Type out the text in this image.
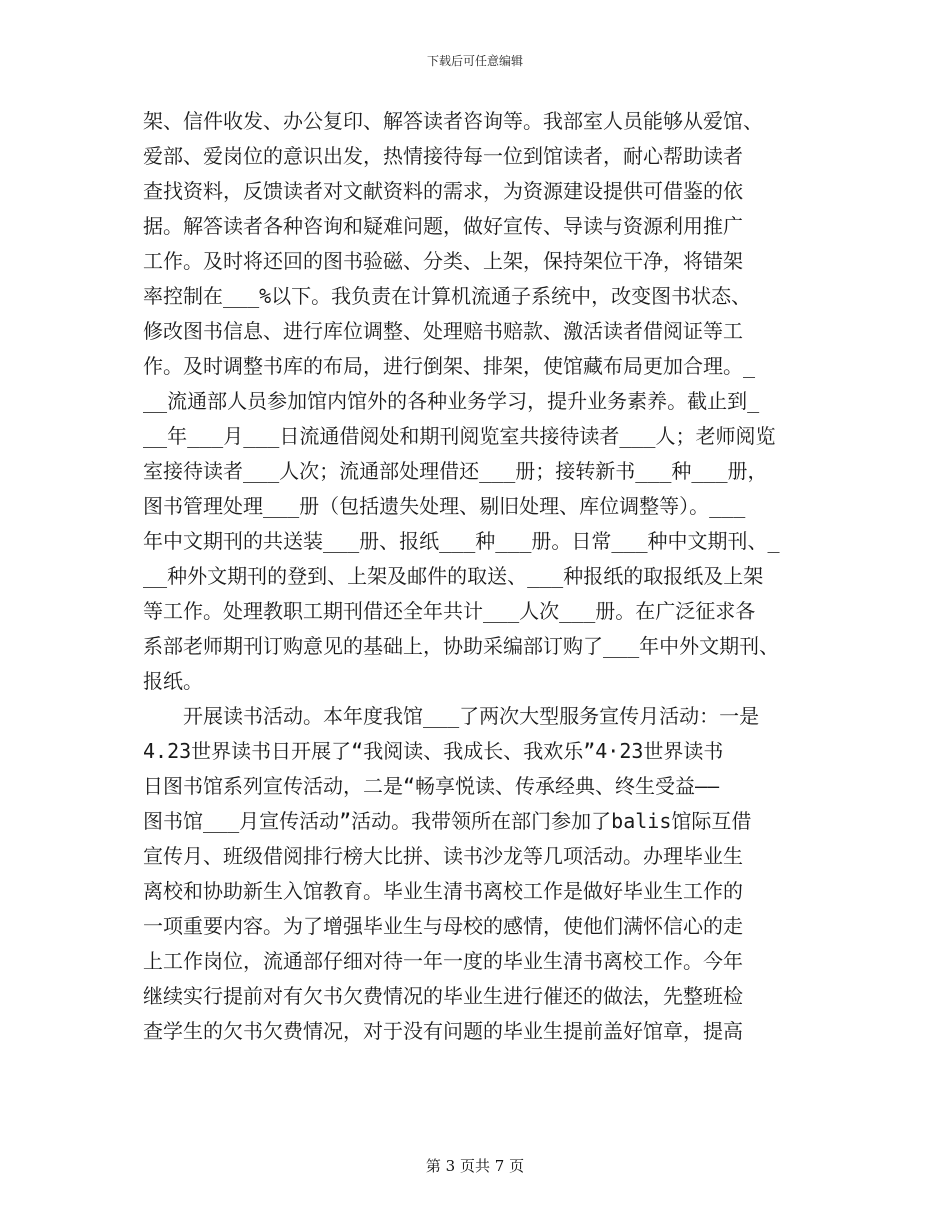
下载后可任意编辑
架、信件收发、办公复印、解答读者咨询等。我部室人员能够从爱馆、
爱部、爱岗位的意识出发，热情接待每一位到馆读者，耐心帮助读者
查找资料，反馈读者对文献资料的需求，为资源建设提供可借鉴的依
据。解答读者各种咨询和疑难问题，做好宣传、导读与资源利用推广
工作。及时将还回的图书验磁、分类、上架，保持架位干净，将错架
率控制在___%以下。我负责在计算机流通子系统中，改变图书状态、
修改图书信息、进行库位调整、处理赔书赔款、激活读者借阅证等工
作。及时调整书库的布局，进行倒架、排架，使馆藏布局更加合理。_
__流通部人员参加馆内馆外的各种业务学习，提升业务素养。截止到_
__年___月___日流通借阅处和期刊阅览室共接待读者___人；老师阅览
室接待读者___人次；流通部处理借还___册；接转新书___种___册，
图书管理处理___册（包括遗失处理、剔旧处理、库位调整等）。___
年中文期刊的共送装___册、报纸___种___册。日常___种中文期刊、_
__种外文期刊的登到、上架及邮件的取送、___种报纸的取报纸及上架
等工作。处理教职工期刊借还全年共计___人次___册。在广泛征求各
系部老师期刊订购意见的基础上，协助采编部订购了___年中外文期刊、
报纸。
　　开展读书活动。本年度我馆___了两次大型服务宣传月活动：一是
4.23世界读书日开展了“我阅读、我成长、我欢乐”4·23世界读书
日图书馆系列宣传活动，二是“畅享悦读、传承经典、终生受益——
图书馆___月宣传活动”活动。我带领所在部门参加了balis馆际互借
宣传月、班级借阅排行榜大比拼、读书沙龙等几项活动。办理毕业生
离校和协助新生入馆教育。毕业生清书离校工作是做好毕业生工作的
一项重要内容。为了增强毕业生与母校的感情，使他们满怀信心的走
上工作岗位，流通部仔细对待一年一度的毕业生清书离校工作。今年
继续实行提前对有欠书欠费情况的毕业生进行催还的做法，先整班检
查学生的欠书欠费情况，对于没有问题的毕业生提前盖好馆章，提高
第 3 页共 7 页
